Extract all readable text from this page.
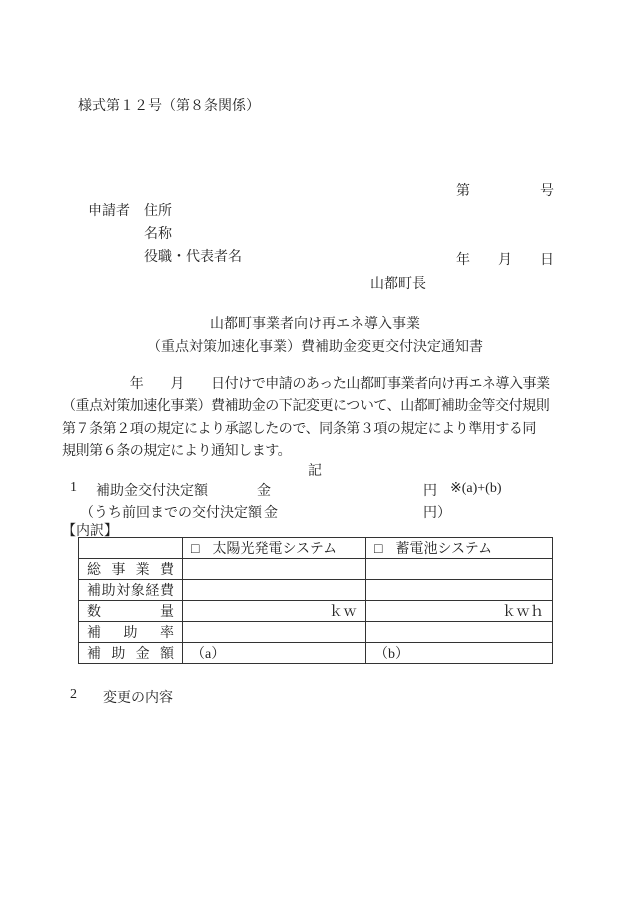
様式第１２号（第８条関係）

第　　　　　号

年　　月　　日

申請者　 住所
名称
役職・代表者名
山都町長
山都町事業者向け再エネ導入事業
（重点対策加速化事業）費補助金変更交付決定通知書
　　　　　年　　月　　日付けで申請のあった山都町事業者向け再エネ導入事業
（重点対策加速化事業）費補助金の下記変更について、山都町補助金等交付規則
第７条第２項の規定により承認したので、同条第３項の規定により準用する同
規則第６条の規定により通知します。
記
1 補助金交付決定額	金	円 ※(a)+(b)
（うち前回までの交付決定額 金	円）
【内訳】
	□ 太陽光発電システム	□ 蓄電池システム
総事業費		
補助対象経費		
数量	ｋｗ	ｋｗｈ
補助率		
補助金額	（a）	（b）
2 変更の内容
